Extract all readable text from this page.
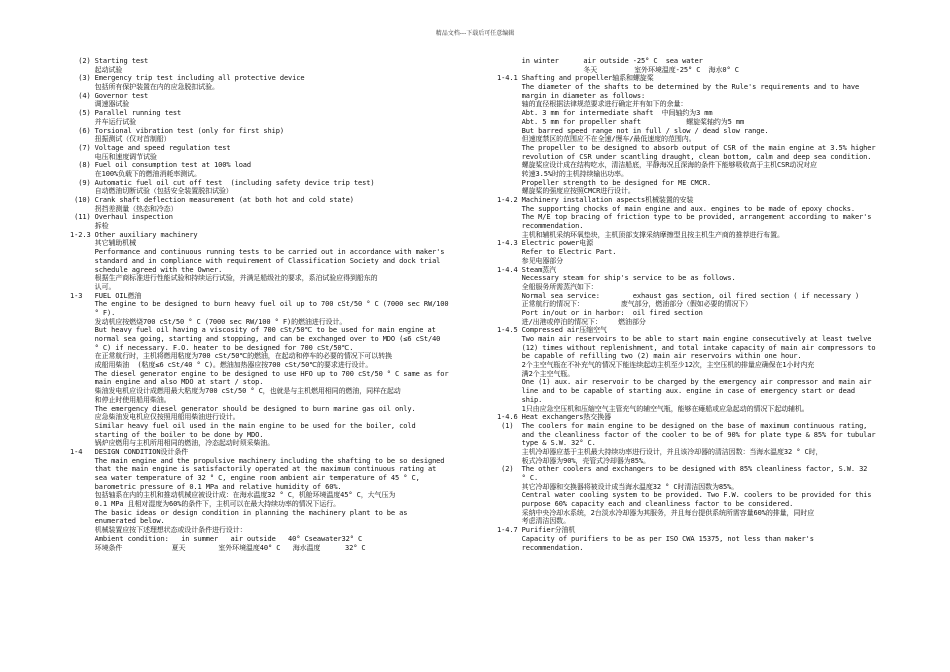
精品文档---下载后可任意编辑
(2) Starting test
起动试验
(3) Emergency trip test including all protective device
包括所有保护装置在内的应急脱扣试验。
(4) Governor test
调速器试验
(5) Parallel running test
并车运行试验
(6) Torsional vibration test (only for first ship)
扭振测试（仅对首制船）
(7) Voltage and speed regulation test
电压和速度调节试验
(8) Fuel oil consumption test at 100% load
在100%负载下的燃油消耗率测试。
(9) Automatic fuel oil cut off test  (including safety device trip test)
自动燃油切断试验（包括安全装置脱扣试验）
(10) Crank shaft deflection measurement (at both hot and cold state)
拐挡差测量（热态和冷态）
(11) Overhaul inspection
拆检
1-2.3 Other auxiliary machinery
其它辅助机械
Performance and continuous running tests to be carried out in accordance with maker's
standard and in compliance with requirement of Classification Society and dock trial
schedule agreed with the Owner.
根据生产商标准进行性能试验和持续运行试验，并满足船级社的要求，系泊试验应得到船东的
认可。
1-3   FUEL OIL燃油
The engine to be designed to burn heavy fuel oil up to 700 cSt/50 ° C (7000 sec RW/100
° F).
发动机应按燃烧700 cSt/50 ° C (7000 sec RW/100 ° F)的燃油进行设计。
But heavy fuel oil having a viscosity of 700 cSt/50℃ to be used for main engine at
normal sea going, starting and stopping, and can be exchanged over to MDO (≤6 cSt/40
° C) if necessary. F.O. heater to be designed for 700 cSt/50℃.
在正常航行时，主机将燃用粘度为700 cSt/50℃的燃油，在起动和停车的必要的情况下可以转换
成船用柴油  (粘度≤6 cSt/40 ° C)。燃油加热器应按700 cSt/50℃的要求进行设计。
The diesel generator engine to be designed to use HFO up to 700 cSt/50 ° C same as for
main engine and also MDO at start / stop.
柴油发电机应设计成燃用最大粘度为700 cSt/50 ° C，也就是与主机燃用相同的燃油，同样在起动
和停止时使用船用柴油。
The emergency diesel generator should be designed to burn marine gas oil only.
应急柴油发电机应仅按照用船用柴油进行设计。
Similar heavy fuel oil used in the main engine to be used for the boiler, cold
starting of the boiler to be done by MDO.
锅炉应燃用与主机所用相同的燃油，冷态起动时须采柴油。
1-4   DESIGN CONDITION设计条件
The main engine and the propulsive machinery including the shafting to be so designed
that the main engine is satisfactorily operated at the maximum continuous rating at
sea water temperature of 32 ° C, engine room ambient air temperature of 45 ° C,
barometric pressure of 0.1 MPa and relative humidity of 60%.
包括轴系在内的主机和推动机械应被设计成：在海水温度32 ° C，机舱环境温度45° C，大气压为
0.1 MPa 且相对湿度为60%的条件下，主机可以在最大持续功率的情况下运行。
The basic ideas or design condition in planning the machinery plant to be as
enumerated below.
机械装置应按下述理想状态或设计条件进行设计：
Ambient condition:   in summer   air outside   40° Cseawater32° C
环境条件            夏天        室外环境温度40° C   海水温度      32° C
in winter      air outside -25° C  sea water
冬天         室外环境温度-25° C  海水0° C
1-4.1 Shafting and propeller轴系和螺旋桨
The diameter of the shafts to be determined by the Rule's requirements and to have
margin in diameter as follows:
轴的直径根据法律规范要求进行确定并有如下的余量：
Abt. 3 mm for intermediate shaft  中间轴约为3 mm
Abt. 5 mm for propeller shaft           螺旋桨轴约为5 mm
But barred speed range not in full / slow / dead slow range.
但速度禁区的范围应不在全速/慢车/最低速度的范围内。
The propeller to be designed to absorb output of CSR of the main engine at 3.5% higher
revolution of CSR under scantling draught, clean bottom, calm and deep sea condition.
螺旋桨应设计成在结构吃水，清洁船底，平静海况且深海的条件下能够吸收高于主机CSR动况对应
转速3.5%时的主机持续输出功率。
Propeller strength to be designed for ME CMCR.
螺旋桨的强度应按照CMCR进行设计。
1-4.2 Machinery installation aspects机械装置的安装
The supporting chocks of main engine and aux. engines to be made of epoxy chocks.
The M/E top bracing of friction type to be provided, arrangement according to maker's
recommendation.
主机和辅机采纳环氧垫块，主机顶部支撑采纳摩擦型且按主机生产商的推荐进行布置。
1-4.3 Electric power电源
Refer to Electric Part.
参见电器部分
1-4.4 Steam蒸汽
Necessary steam for ship's service to be as follows.
全船服务所需蒸汽如下：
Normal sea service:        exhaust gas section, oil fired section ( if necessary )
正常航行的情况下：         废气部分，燃油部分（假如必要的情况下）
Port in/out or in harbor:  oil fired section
进/出港或停泊的情况下：    燃油部分
1-4.5 Compressed air压缩空气
Two main air reservoirs to be able to start main engine consecutively at least twelve
(12) times without replenishment, and total intake capacity of main air compressors to
be capable of refilling two (2) main air reservoirs within one hour.
2个主空气瓶在不补充气的情况下能连续起动主机至少12次，主空压机的排量应确保在1小时内充
满2个主空气瓶。
One (1) aux. air reservoir to be charged by the emergency air compressor and main air
line and to be capable of starting aux. engine in case of emergency start or dead
ship.
1只由应急空压机和压缩空气主管充气的辅空气瓶，能够在瘫船或应急起动的情况下起动辅机。
1-4.6 Heat exchangers热交换器
(1)  The coolers for main engine to be designed on the base of maximum continuous rating,
and the cleanliness factor of the cooler to be of 90% for plate type & 85% for tubular
type & S.W. 32° C.
主机冷却器应基于主机最大持续功率进行设计，并且该冷却器的清洁因数：当海水温度32 ° C时，
板式冷却器为90%，壳管式冷却器为85%。
(2)  The other coolers and exchangers to be designed with 85% cleanliness factor, S.W. 32
° C.
其它冷却器和交换器将被设计成当海水温度32 ° C时清洁因数为85%。
Central water cooling system to be provided. Two F.W. coolers to be provided for this
purpose 60% capacity each and cleanliness factor to be considered.
采纳中央冷却水系统，2台淡水冷却器为其服务，并且每台提供系统所需容量60%的排量，同时应
考虑清洁因数。
1-4.7 Purifier分油机
Capacity of purifiers to be as per ISO CWA 15375, not less than maker's
recommendation.
